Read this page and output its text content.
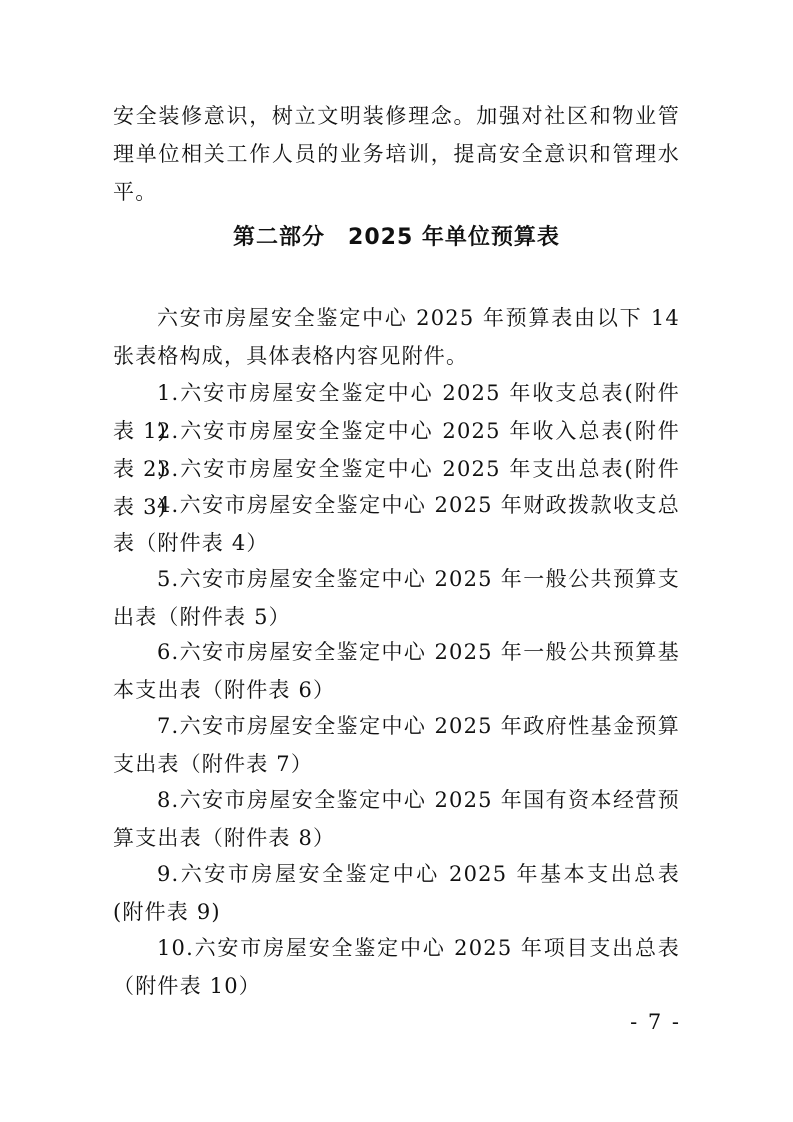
安全装修意识，树立文明装修理念。加强对社区和物业管理单位相关工作人员的业务培训，提高安全意识和管理水平。

第二部分　2025 年单位预算表

六安市房屋安全鉴定中心 2025 年预算表由以下 14 张表格构成，具体表格内容见附件。

1.六安市房屋安全鉴定中心 2025 年收支总表(附件表 1)

2.六安市房屋安全鉴定中心 2025 年收入总表(附件表 2)

3.六安市房屋安全鉴定中心 2025 年支出总表(附件表 3)

4.六安市房屋安全鉴定中心 2025 年财政拨款收支总表（附件表 4）

5.六安市房屋安全鉴定中心 2025 年一般公共预算支出表（附件表 5）

6.六安市房屋安全鉴定中心 2025 年一般公共预算基本支出表（附件表 6）

7.六安市房屋安全鉴定中心 2025 年政府性基金预算支出表（附件表 7）

8.六安市房屋安全鉴定中心 2025 年国有资本经营预算支出表（附件表 8）

9.六安市房屋安全鉴定中心 2025 年基本支出总表(附件表 9)

10.六安市房屋安全鉴定中心 2025 年项目支出总表（附件表 10）

- 7 -
